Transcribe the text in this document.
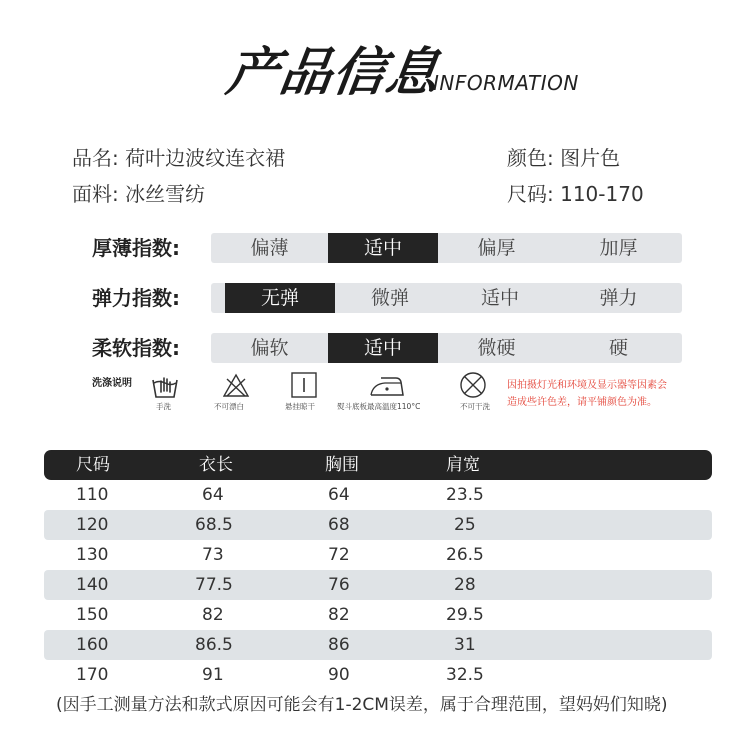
产品信息
INFORMATION
品名: 荷叶边波纹连衣裙	颜色: 图片色
面料: 冰丝雪纺	尺码: 110-170
厚薄指数:	偏薄	适中	偏厚	加厚
弹力指数:	无弹	微弹	适中	弹力
柔软指数:	偏软	适中	微硬	硬
洗涤说明
手洗	不可漂白	悬挂晾干	熨斗底板最高温度110°C	不可干洗
因拍摄灯光和环境及显示器等因素会
造成些许色差，请平铺颜色为准。
尺码	衣长	胸围	肩宽
110	64	64	23.5
120	68.5	68	25
130	73	72	26.5
140	77.5	76	28
150	82	82	29.5
160	86.5	86	31
170	91	90	32.5
(因手工测量方法和款式原因可能会有1-2CM误差，属于合理范围，望妈妈们知晓)
